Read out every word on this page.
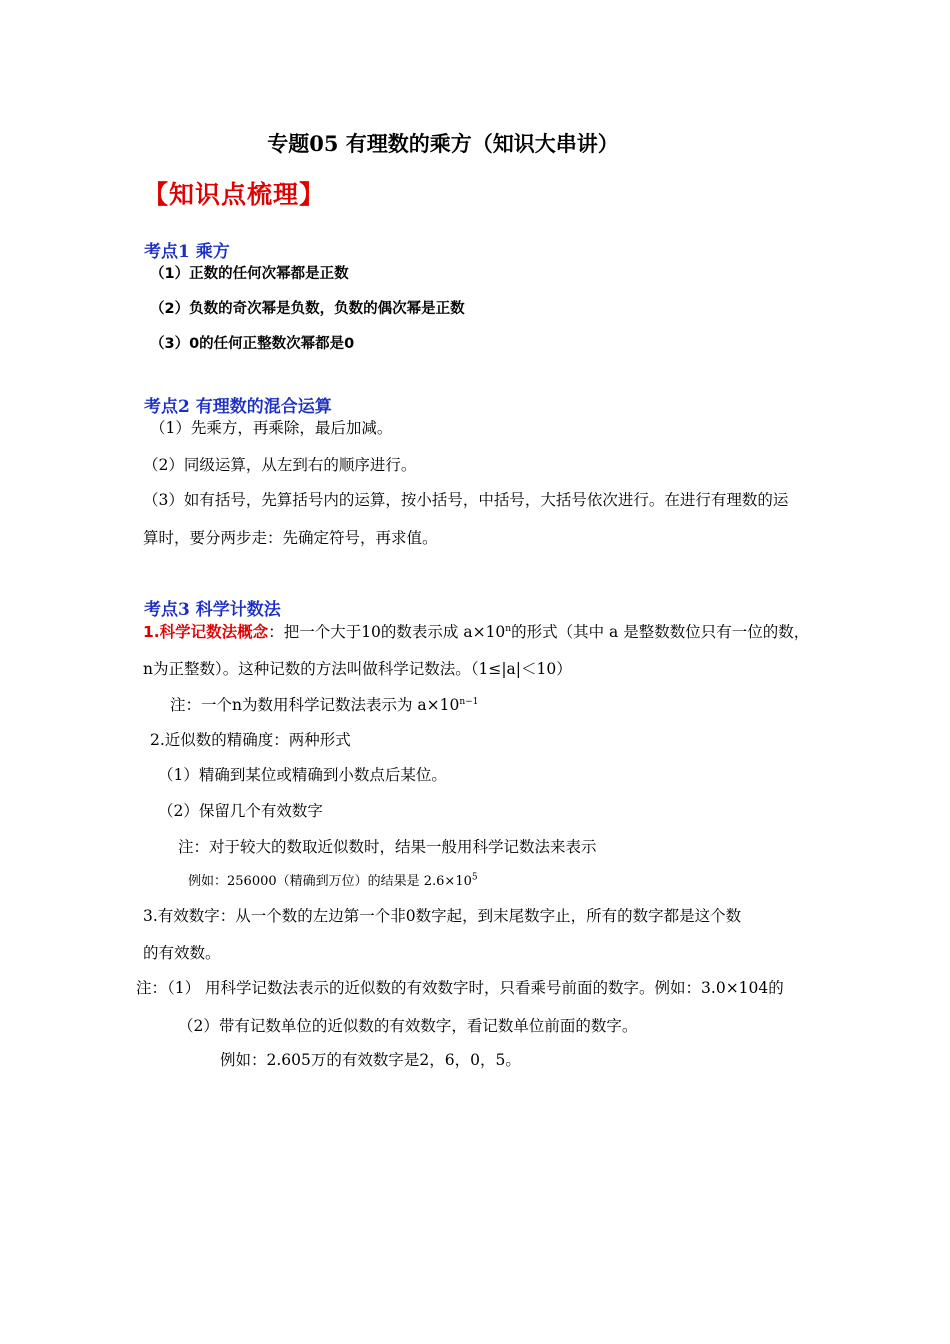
专题05 有理数的乘方（知识大串讲）
【知识点梳理】
考点1 乘方
（1）正数的任何次幂都是正数
（2）负数的奇次幂是负数，负数的偶次幂是正数
（3）0的任何正整数次幂都是0
考点2 有理数的混合运算
（1）先乘方，再乘除，最后加减。
（2）同级运算，从左到右的顺序进行。
（3）如有括号，先算括号内的运算，按小括号，中括号，大括号依次进行。在进行有理数的运
算时，要分两步走：先确定符号，再求值。
考点3 科学计数法
1.科学记数法概念：把一个大于10的数表示成 $a\times 10^n$的形式（其中 a 是整数数位只有一位的数，
n为正整数）。这种记数的方法叫做科学记数法。（1≤|a|＜10）
注：一个n为数用科学记数法表示为 $a\times 10^{n-1}$
2.近似数的精确度：两种形式
（1）精确到某位或精确到小数点后某位。
（2）保留几个有效数字
注：对于较大的数取近似数时，结果一般用科学记数法来表示
例如：256000（精确到万位）的结果是 $2.6\times 10^5$
3.有效数字：从一个数的左边第一个非0数字起，到末尾数字止，所有的数字都是这个数
的有效数。
注：（1） 用科学记数法表示的近似数的有效数字时，只看乘号前面的数字。例如：3.0×104的
（2）带有记数单位的近似数的有效数字，看记数单位前面的数字。
例如：2.605万的有效数字是2，6，0，5。
